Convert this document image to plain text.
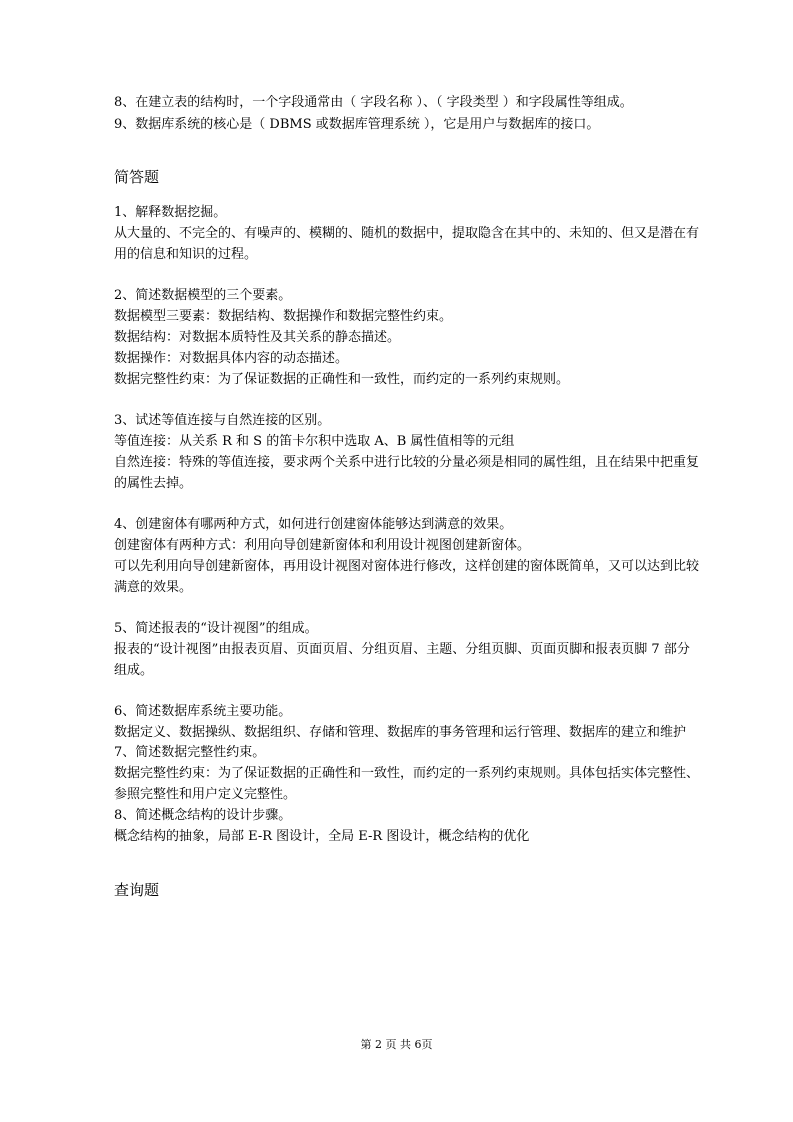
8、在建立表的结构时，一个字段通常由（ 字段名称 ）、（ 字段类型 ）和字段属性等组成。
9、数据库系统的核心是（ DBMS 或数据库管理系统 ），它是用户与数据库的接口。
简答题
1、解释数据挖掘。
从大量的、不完全的、有噪声的、模糊的、随机的数据中，提取隐含在其中的、未知的、但又是潜在有
用的信息和知识的过程。
2、简述数据模型的三个要素。
数据模型三要素：数据结构、数据操作和数据完整性约束。
数据结构：对数据本质特性及其关系的静态描述。
数据操作：对数据具体内容的动态描述。
数据完整性约束：为了保证数据的正确性和一致性，而约定的一系列约束规则。
3、试述等值连接与自然连接的区别。
等值连接：从关系 R 和 S 的笛卡尔积中选取 A、B 属性值相等的元组
自然连接：特殊的等值连接，要求两个关系中进行比较的分量必须是相同的属性组，且在结果中把重复
的属性去掉。
4、创建窗体有哪两种方式，如何进行创建窗体能够达到满意的效果。
创建窗体有两种方式：利用向导创建新窗体和利用设计视图创建新窗体。
可以先利用向导创建新窗体，再用设计视图对窗体进行修改，这样创建的窗体既简单，又可以达到比较
满意的效果。
5、简述报表的“设计视图”的组成。
报表的“设计视图”由报表页眉、页面页眉、分组页眉、主题、分组页脚、页面页脚和报表页脚 7 部分
组成。
6、简述数据库系统主要功能。
数据定义、数据操纵、数据组织、存储和管理、数据库的事务管理和运行管理、数据库的建立和维护
7、简述数据完整性约束。
数据完整性约束：为了保证数据的正确性和一致性，而约定的一系列约束规则。具体包括实体完整性、
参照完整性和用户定义完整性。
8、简述概念结构的设计步骤。
概念结构的抽象，局部 E-R 图设计，全局 E-R 图设计，概念结构的优化
查询题
第 2 页 共 6页
